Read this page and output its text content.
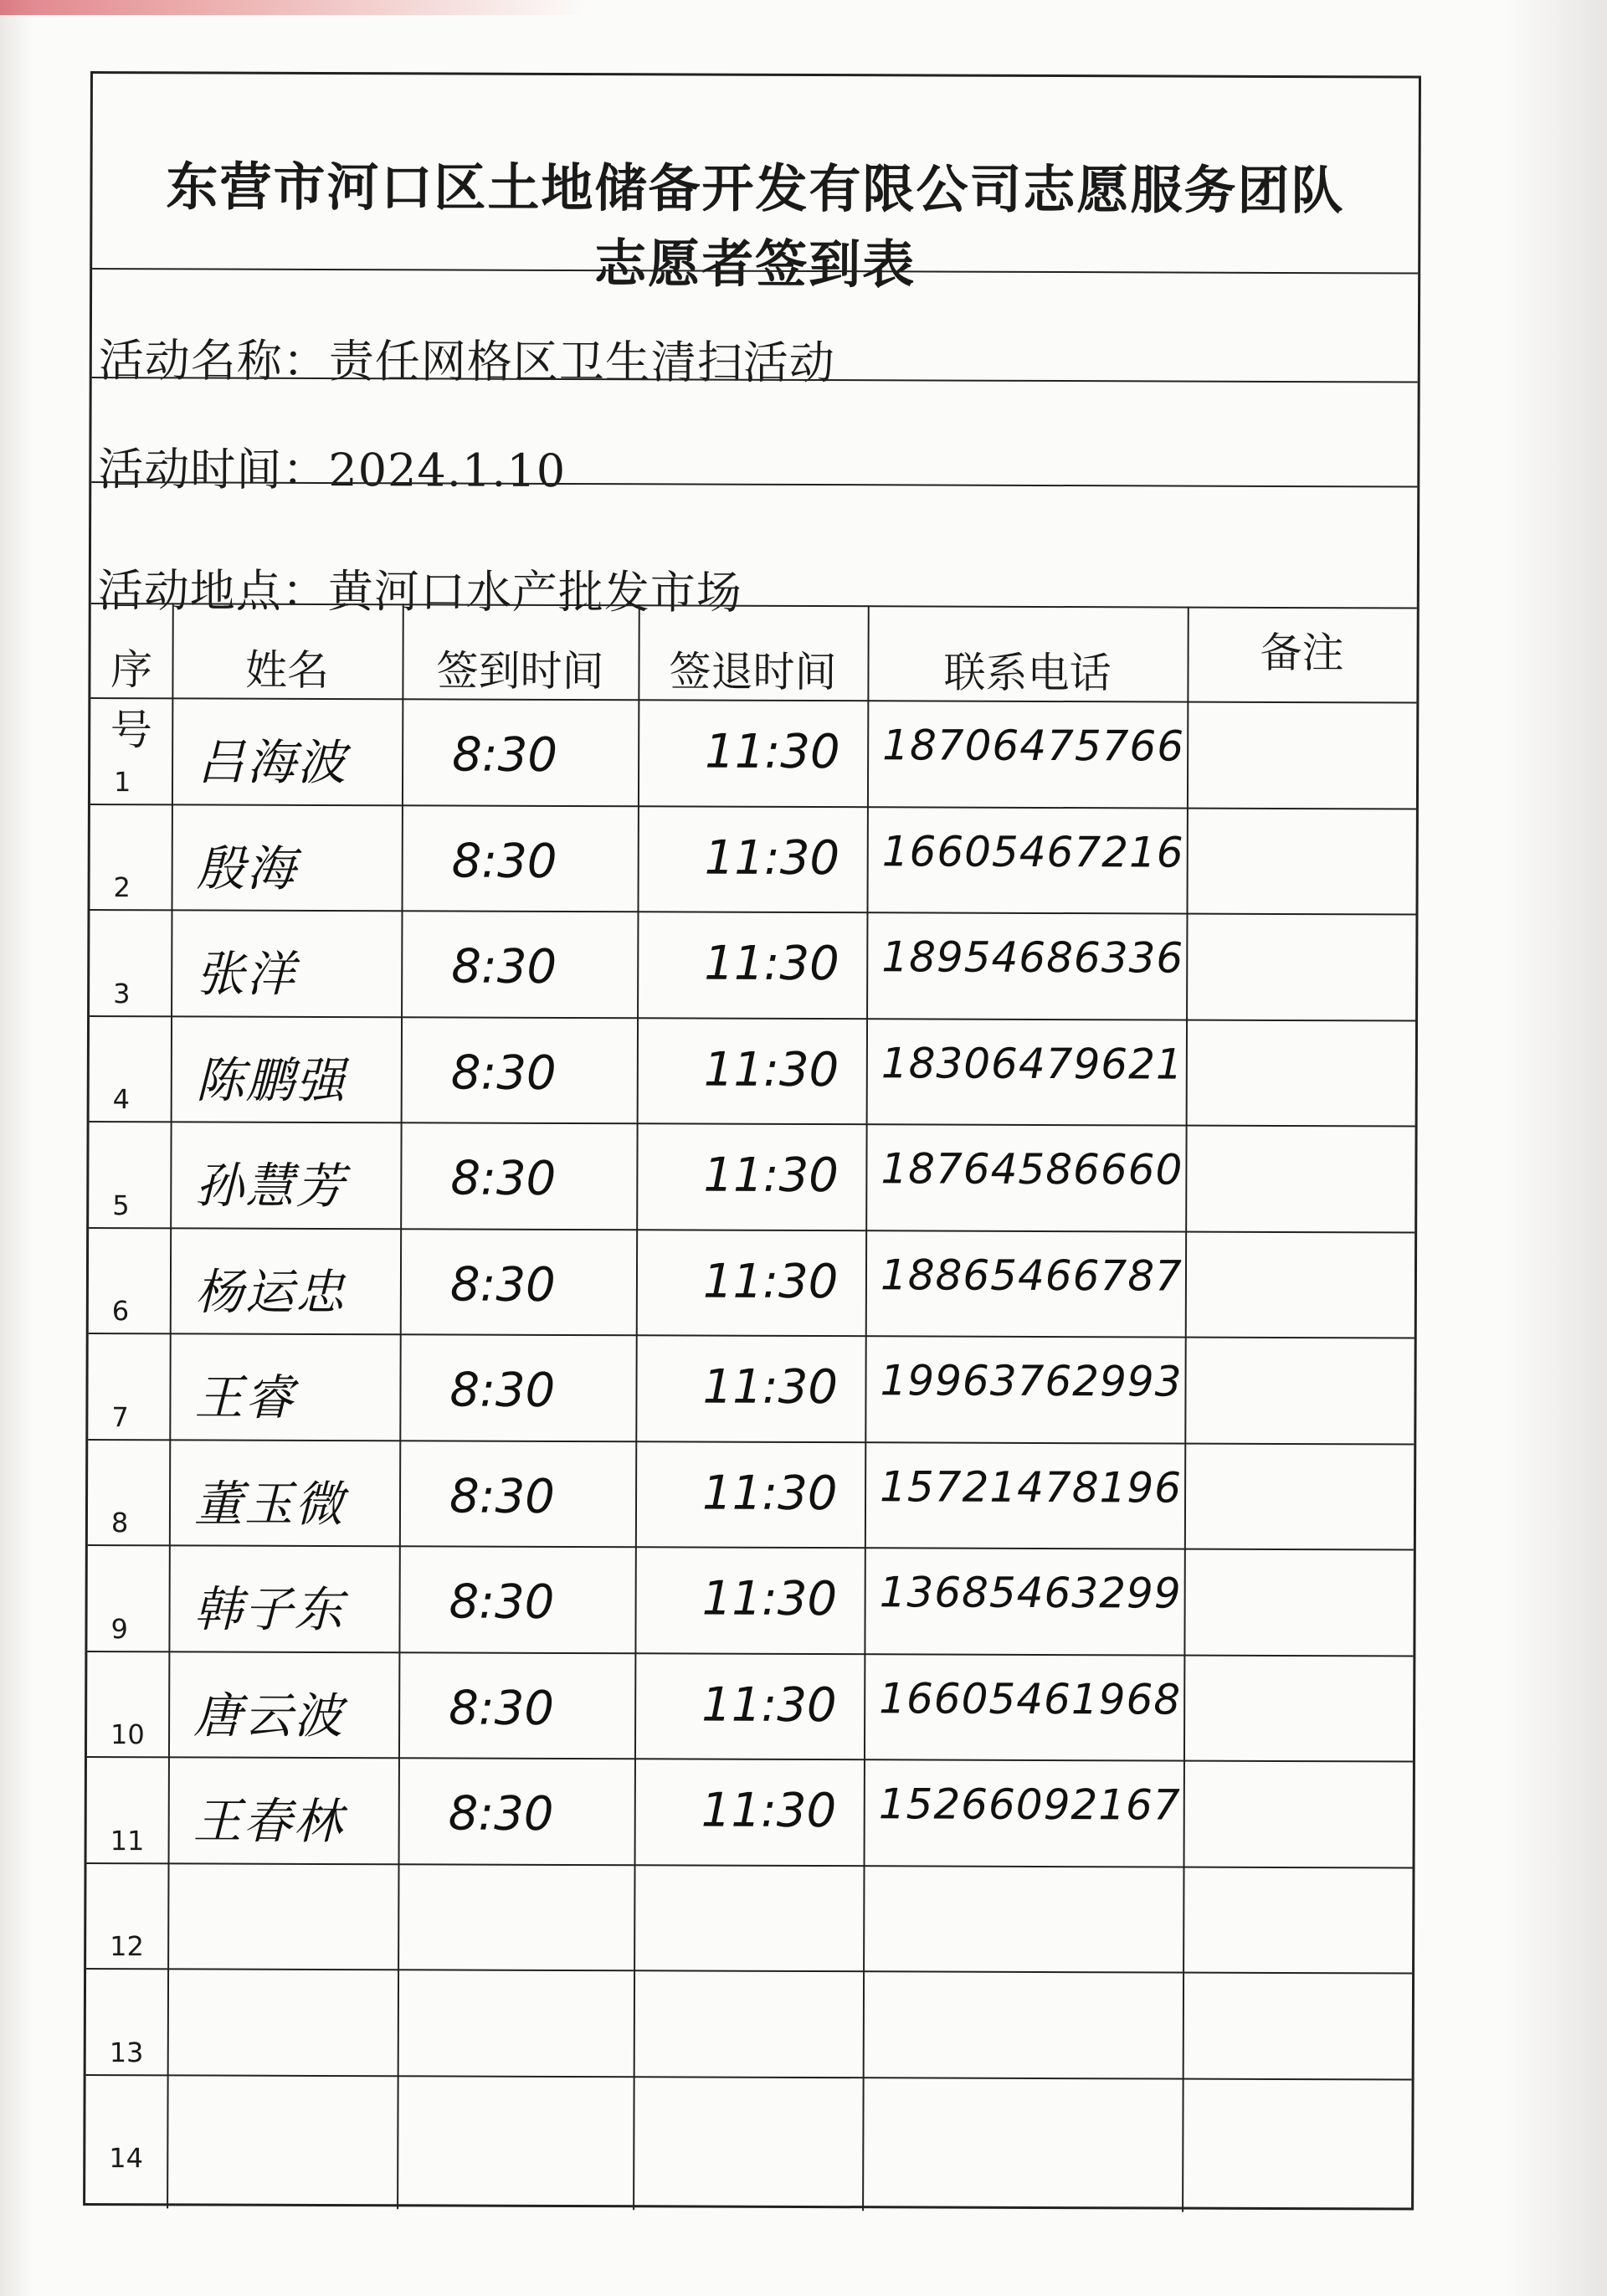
东营市河口区土地储备开发有限公司志愿服务团队
志愿者签到表
活动名称：责任网格区卫生清扫活动
活动时间：2024.1.10
活动地点：黄河口水产批发市场
序号
姓名	签到时间	签退时间	联系电话	备注
1 吕海波 8:30	11:30 18706475766
2 殷海	8:30	11:30 16605467216
3 张洋	8:30	11:30 18954686336
4 陈鹏强 8:30	11:30 18306479621
5 孙慧芳 8:30	11:30 18764586660
6 杨运忠 8:30	11:30 18865466787
7 王睿	8:30	11:30 19963762993
8 董玉微 8:30	11:30 15721478196
9 韩子东 8:30	11:30 13685463299
10 唐云波 8:30	11:30 16605461968
11 王春林 8:30	11:30 15266092167
12
13
14
